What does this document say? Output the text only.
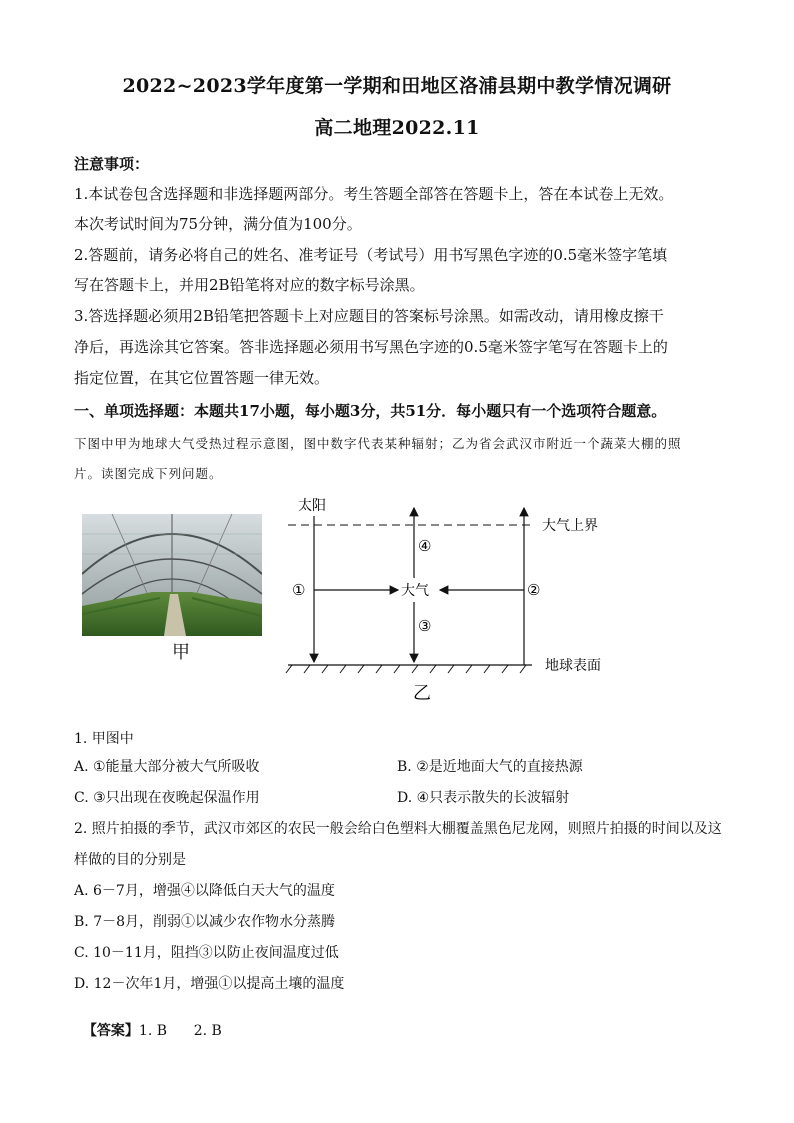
2022~2023学年度第一学期和田地区洛浦县期中教学情况调研
高二地理2022.11
注意事项：
1.本试卷包含选择题和非选择题两部分。考生答题全部答在答题卡上，答在本试卷上无效。
本次考试时间为75分钟，满分值为100分。
2.答题前，请务必将自己的姓名、准考证号（考试号）用书写黑色字迹的0.5毫米签字笔填
写在答题卡上，并用2B铅笔将对应的数字标号涂黑。
3.答选择题必须用2B铅笔把答题卡上对应题目的答案标号涂黑。如需改动，请用橡皮擦干
净后，再选涂其它答案。答非选择题必须用书写黑色字迹的0.5毫米签字笔写在答题卡上的
指定位置，在其它位置答题一律无效。
一、单项选择题：本题共17小题，每小题3分，共51分．每小题只有一个选项符合题意。
下图中甲为地球大气受热过程示意图，图中数字代表某种辐射；乙为省会武汉市附近一个蔬菜大棚的照
片。读图完成下列问题。
甲
太阳
大气上界
地球表面
①	大气
④
③
②
乙
1. 甲图中
A. ①能量大部分被大气所吸收	B. ②是近地面大气的直接热源
C. ③只出现在夜晚起保温作用	D. ④只表示散失的长波辐射
2. 照片拍摄的季节，武汉市郊区的农民一般会给白色塑料大棚覆盖黑色尼龙网，则照片拍摄的时间以及这
样做的目的分别是
A. 6－7月，增强④以降低白天大气的温度
B. 7－8月，削弱①以减少农作物水分蒸腾
C. 10－11月，阻挡③以防止夜间温度过低
D. 12－次年1月，增强①以提高土壤的温度

【答案】1. B      2. B
